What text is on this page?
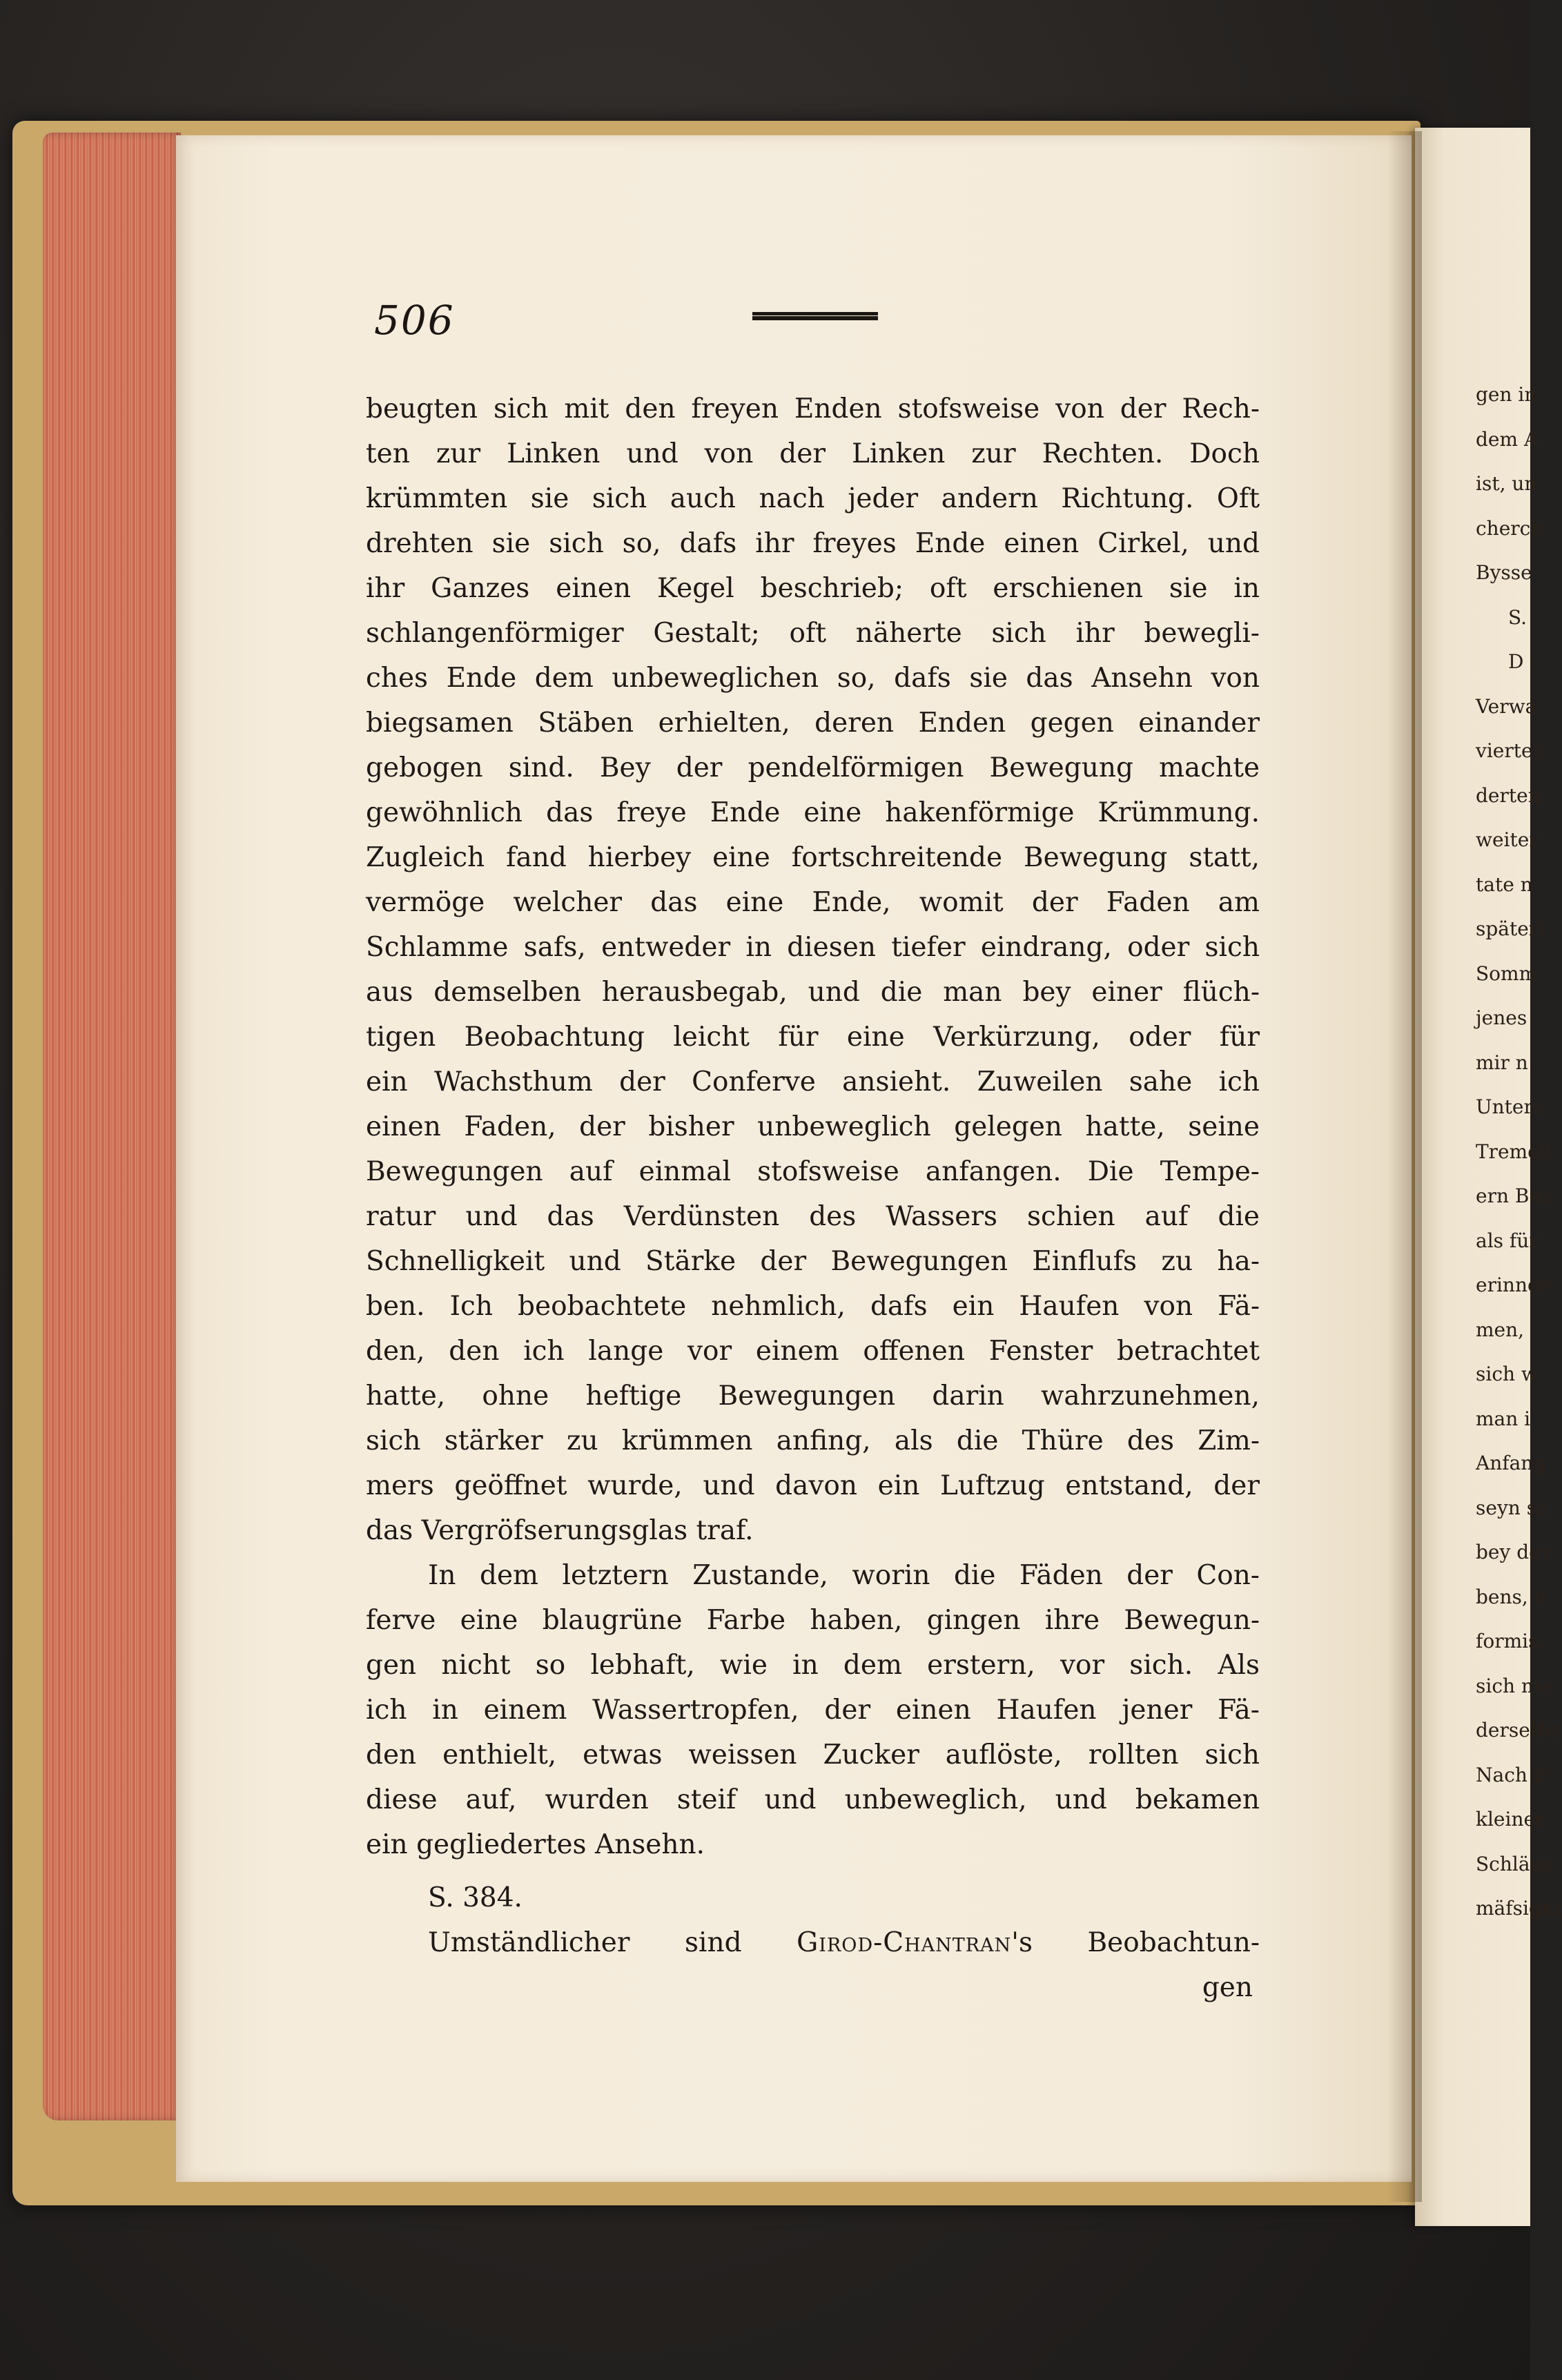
506
beugten sich mit den freyen Enden stofsweise von der Rech-
ten zur Linken und von der Linken zur Rechten. Doch
krümmten sie sich auch nach jeder andern Richtung. Oft
drehten sie sich so, dafs ihr freyes Ende einen Cirkel, und
ihr Ganzes einen Kegel beschrieb; oft erschienen sie in
schlangenförmiger Gestalt; oft näherte sich ihr bewegli-
ches Ende dem unbeweglichen so, dafs sie das Ansehn von
biegsamen Stäben erhielten, deren Enden gegen einander
gebogen sind. Bey der pendelförmigen Bewegung machte
gewöhnlich das freye Ende eine hakenförmige Krümmung.
Zugleich fand hierbey eine fortschreitende Bewegung statt,
vermöge welcher das eine Ende, womit der Faden am
Schlamme safs, entweder in diesen tiefer eindrang, oder sich
aus demselben herausbegab, und die man bey einer flüch-
tigen Beobachtung leicht für eine Verkürzung, oder für
ein Wachsthum der Conferve ansieht. Zuweilen sahe ich
einen Faden, der bisher unbeweglich gelegen hatte, seine
Bewegungen auf einmal stofsweise anfangen. Die Tempe-
ratur und das Verdünsten des Wassers schien auf die
Schnelligkeit und Stärke der Bewegungen Einflufs zu ha-
ben. Ich beobachtete nehmlich, dafs ein Haufen von Fä-
den, den ich lange vor einem offenen Fenster betrachtet
hatte, ohne heftige Bewegungen darin wahrzunehmen,
sich stärker zu krümmen anfing, als die Thüre des Zim-
mers geöffnet wurde, und davon ein Luftzug entstand, der
das Vergröfserungsglas traf.
In dem letztern Zustande, worin die Fäden der Con-
ferve eine blaugrüne Farbe haben, gingen ihre Bewegun-
gen nicht so lebhaft, wie in dem erstern, vor sich. Als
ich in einem Wassertropfen, der einen Haufen jener Fä-
den enthielt, etwas weissen Zucker auflöste, rollten sich
diese auf, wurden steif und unbeweglich, und bekamen
ein gegliedertes Ansehn.
S. 384.
Umständlicher sind Girod-Chantran's Beobachtun-
gen
gen in
dem A
ist, un
cherch
Bysse
S.
D
Verwa
vierteh
derten
weiter
tate n
späterl
Somm
jenes
mir n
Unters
Tremell
ern Beo
als für
erinner
men,
sich w
man i
Anfang
seyn sc
bey der
bens, u
formis,
sich me
derselbe
Nach d
kleiner
Schläuc
mäfsiger
